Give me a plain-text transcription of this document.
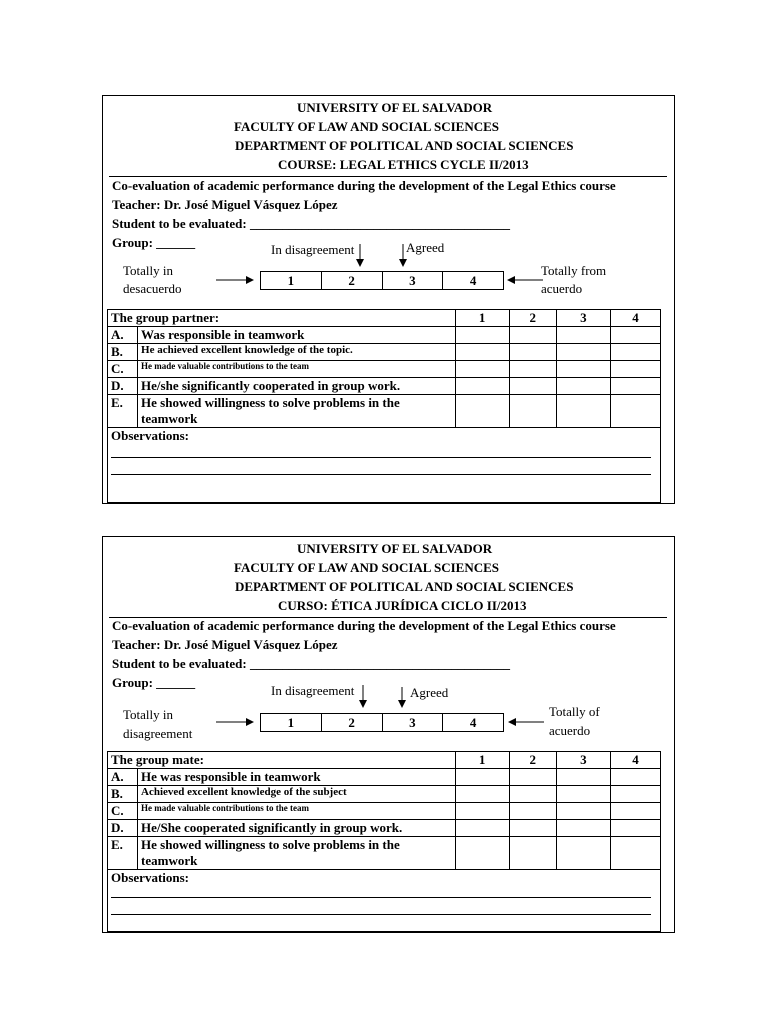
UNIVERSITY OF EL SALVADOR
FACULTY OF LAW AND SOCIAL SCIENCES
DEPARTMENT OF POLITICAL AND SOCIAL SCIENCES
COURSE: LEGAL ETHICS CYCLE II/2013
Co-evaluation of academic performance during the development of the Legal Ethics course
Teacher: Dr. José Miguel Vásquez López
Student to be evaluated: ________________________________________
Group: ______	In disagreement	Agreed
Totally in
desacuerdo
1	2	3	4
Totally from
acuerdo
The group partner:		1	2	3	4
A.	Was responsible in teamwork				
B.	He achieved excellent knowledge of the topic.				
C.	He made valuable contributions to the team				
D.	He/she significantly cooperated in group work.				
E.	He showed willingness to solve problems in the teamwork				
Observations:					
UNIVERSITY OF EL SALVADOR
FACULTY OF LAW AND SOCIAL SCIENCES
DEPARTMENT OF POLITICAL AND SOCIAL SCIENCES
CURSO: ÉTICA JURÍDICA CICLO II/2013
Co-evaluation of academic performance during the development of the Legal Ethics course
Teacher: Dr. José Miguel Vásquez López
Student to be evaluated: ________________________________________
Group: ______
In disagreement	Agreed
Totally in
disagreement
1	2	3	4
Totally of
acuerdo
The group mate:		1	2	3	4
A.	He was responsible in teamwork				
B.	Achieved excellent knowledge of the subject				
C.	He made valuable contributions to the team				
D.	He/She cooperated significantly in group work.				
E.	He showed willingness to solve problems in the teamwork				
Observations:					
